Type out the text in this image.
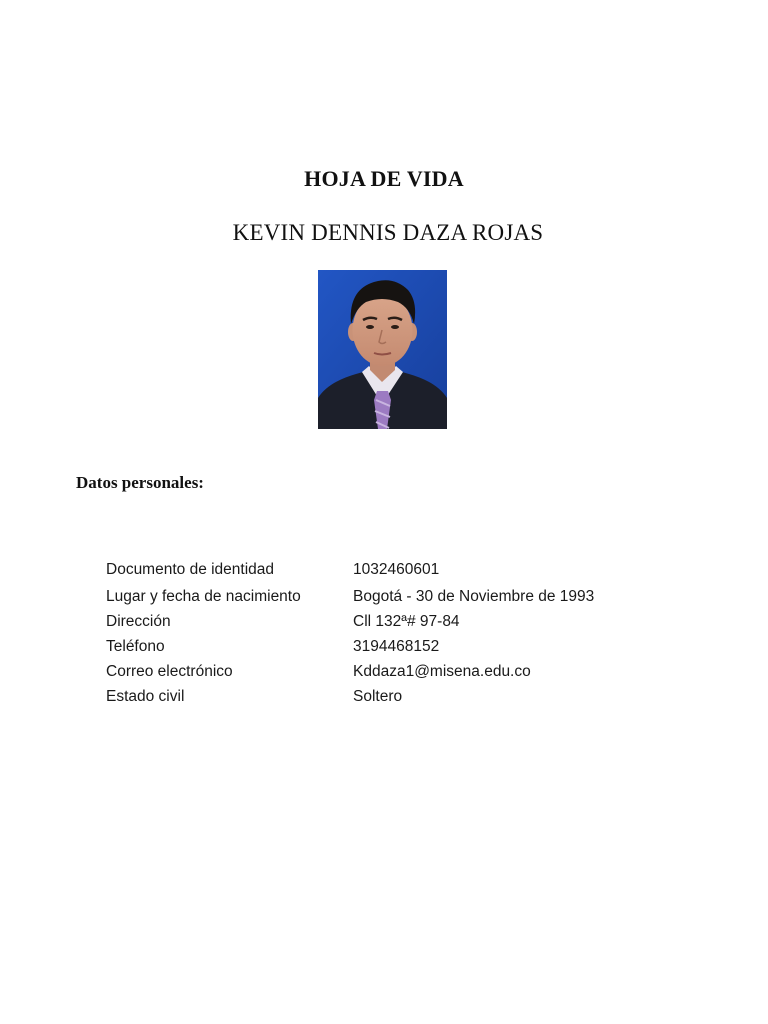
HOJA DE VIDA
KEVIN DENNIS DAZA ROJAS
Datos personales:
Documento de identidad	1032460601
Lugar y fecha de nacimiento	Bogotá - 30 de Noviembre de 1993
Dirección	Cll 132ª# 97-84
Teléfono	3194468152
Correo electrónico	Kddaza1@misena.edu.co
Estado civil	Soltero
